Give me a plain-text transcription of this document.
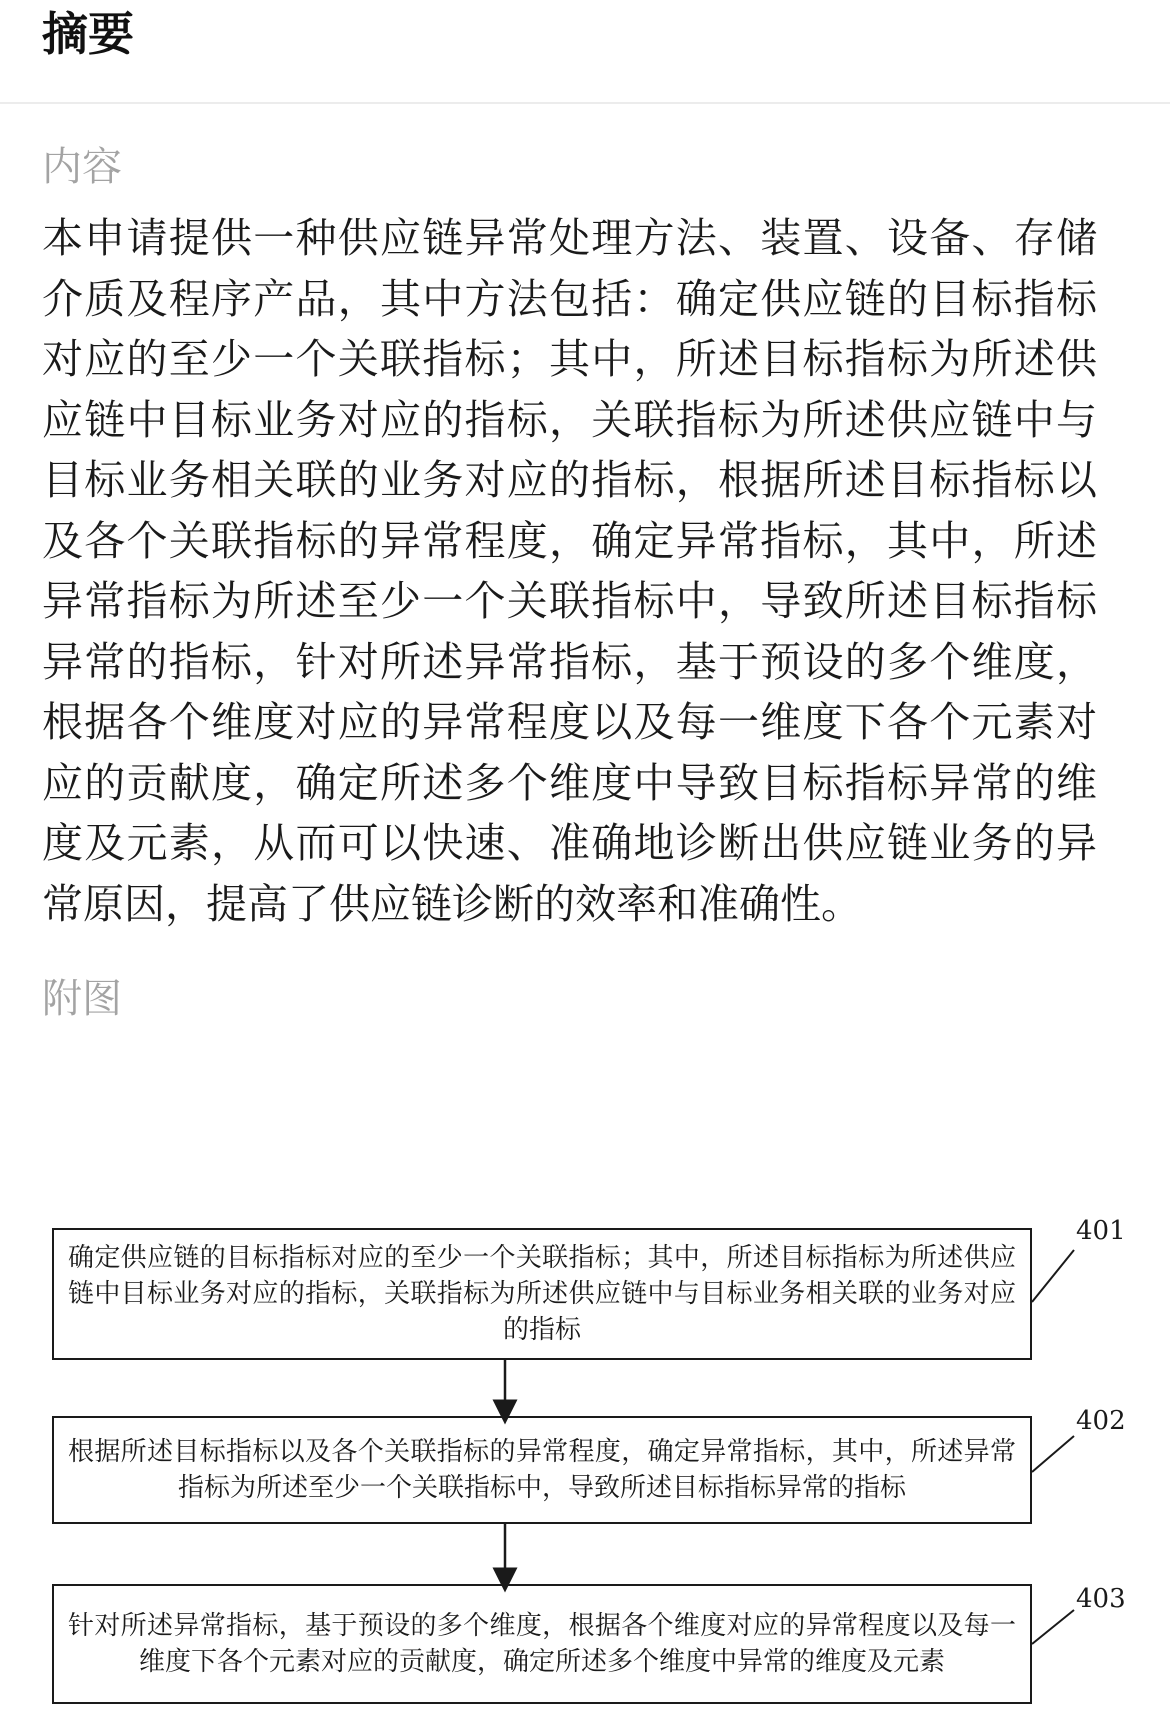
摘要
内容

本申请提供一种供应链异常处理方法、装置、设备、存储介质及程序产品，其中方法包括：确定供应链的目标指标对应的至少一个关联指标；其中，所述目标指标为所述供应链中目标业务对应的指标，关联指标为所述供应链中与目标业务相关联的业务对应的指标，根据所述目标指标以及各个关联指标的异常程度，确定异常指标，其中，所述异常指标为所述至少一个关联指标中，导致所述目标指标异常的指标，针对所述异常指标，基于预设的多个维度，根据各个维度对应的异常程度以及每一维度下各个元素对应的贡献度，确定所述多个维度中导致目标指标异常的维度及元素，从而可以快速、准确地诊断出供应链业务的异常原因，提高了供应链诊断的效率和准确性。

附图
确定供应链的目标指标对应的至少一个关联指标；其中，所述目标指标为所述供应链中目标业务对应的指标，关联指标为所述供应链中与目标业务相关联的业务对应的指标
401
根据所述目标指标以及各个关联指标的异常程度，确定异常指标，其中，所述异常指标为所述至少一个关联指标中，导致所述目标指标异常的指标
402
针对所述异常指标，基于预设的多个维度，根据各个维度对应的异常程度以及每一维度下各个元素对应的贡献度，确定所述多个维度中异常的维度及元素
403
